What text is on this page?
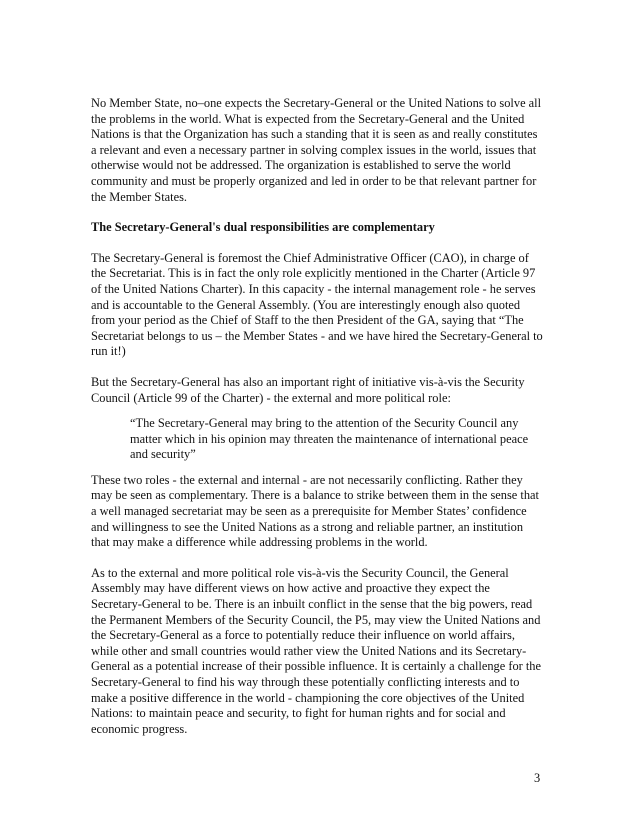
No Member State, no–one expects the Secretary-General or the United Nations to solve all the problems in the world. What is expected from the Secretary-General and the United Nations is that the Organization has such a standing that it is seen as and really constitutes a relevant and even a necessary partner in solving complex issues in the world, issues that otherwise would not be addressed. The organization is established to serve the world community and must be properly organized and led in order to be that relevant partner for the Member States.

The Secretary-General's dual responsibilities are complementary

The Secretary-General is foremost the Chief Administrative Officer (CAO), in charge of the Secretariat. This is in fact the only role explicitly mentioned in the Charter (Article 97 of the United Nations Charter). In this capacity - the internal management role - he serves and is accountable to the General Assembly. (You are interestingly enough also quoted from your period as the Chief of Staff to the then President of the GA, saying that “The Secretariat belongs to us – the Member States - and we have hired the Secretary-General to run it!)

But the Secretary-General has also an important right of initiative vis-à-vis the Security Council (Article 99 of the Charter) - the external and more political role:

“The Secretary-General may bring to the attention of the Security Council any matter which in his opinion may threaten the maintenance of international peace and security”

These two roles - the external and internal - are not necessarily conflicting. Rather they may be seen as complementary. There is a balance to strike between them in the sense that a well managed secretariat may be seen as a prerequisite for Member States’ confidence and willingness to see the United Nations as a strong and reliable partner, an institution that may make a difference while addressing problems in the world.

As to the external and more political role vis-à-vis the Security Council, the General Assembly may have different views on how active and proactive they expect the Secretary-General to be. There is an inbuilt conflict in the sense that the big powers, read the Permanent Members of the Security Council, the P5, may view the United Nations and the Secretary-General as a force to potentially reduce their influence on world affairs, while other and small countries would rather view the United Nations and its Secretary-General as a potential increase of their possible influence. It is certainly a challenge for the Secretary-General to find his way through these potentially conflicting interests and to make a positive difference in the world - championing the core objectives of the United Nations: to maintain peace and security, to fight for human rights and for social and economic progress.

3
